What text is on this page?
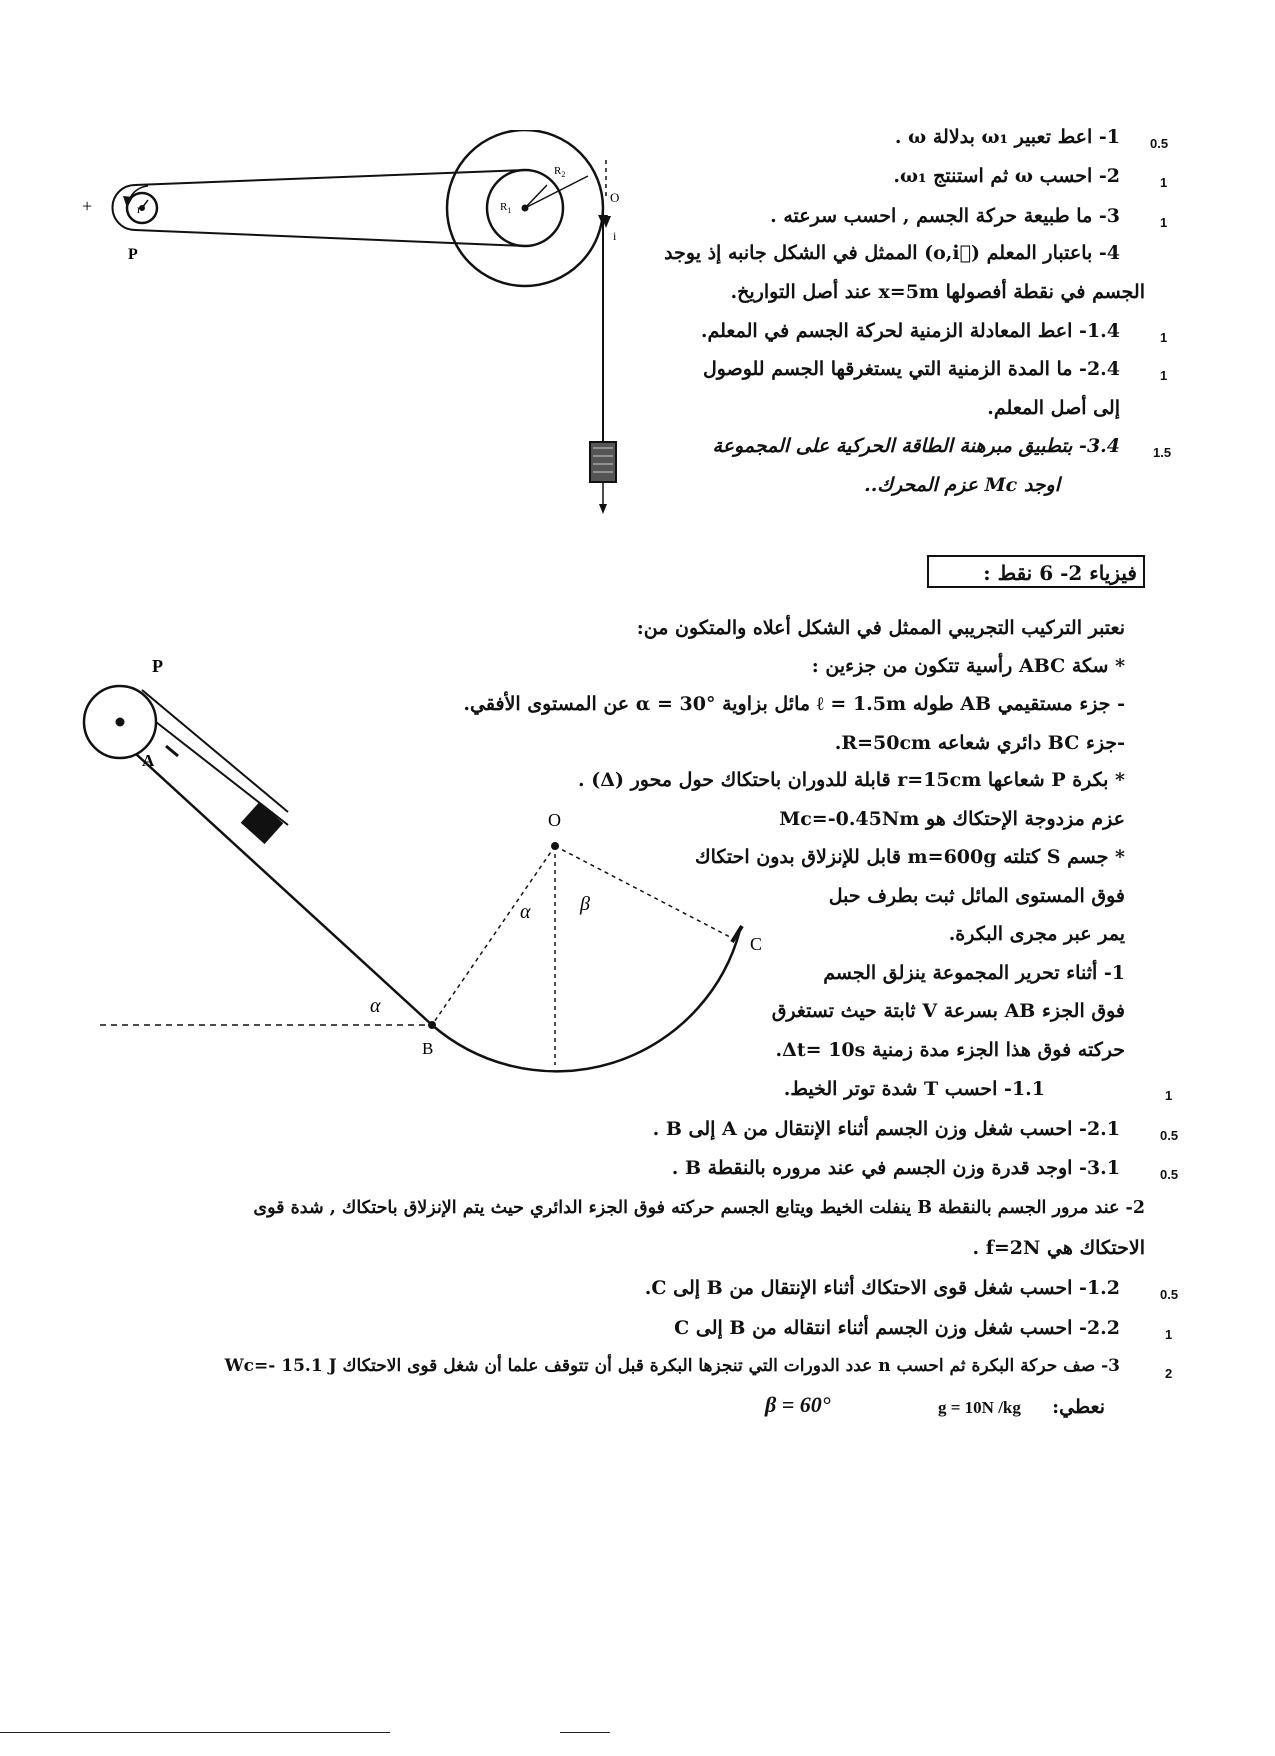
+
P
r	$R_1$
$R_2$
O
i
0.5
1- اعط تعبير ω₁ بدلالة ω .
1
2- احسب ω ثم استنتج ω₁.
1
3- ما طبيعة حركة الجسم , احسب سرعته .
4- باعتبار المعلم (o,i⃗) الممثل في الشكل جانبه إذ يوجد
الجسم في نقطة أفصولها x=5m عند أصل التواريخ.
1
1.4- اعط المعادلة الزمنية لحركة الجسم في المعلم.
1
2.4- ما المدة الزمنية التي يستغرقها الجسم للوصول
إلى أصل المعلم.
1.5
3.4- بتطبيق مبرهنة الطاقة الحركية على المجموعة
اوجد Mc عزم المحرك..
فيزياء 2- 6 نقط :
P
A
B
C
O
α
α β
نعتبر التركيب التجريبي الممثل في الشكل أعلاه والمتكون من:
* سكة ABC رأسية تتكون من جزءين :
- جزء مستقيمي AB طوله ℓ = 1.5m مائل بزاوية α = 30° عن المستوى الأفقي.
-جزء BC دائري شعاعه R=50cm.
* بكرة P شعاعها r=15cm قابلة للدوران باحتكاك حول محور (Δ) .
عزم مزدوجة الإحتكاك هو Mc=-0.45Nm
* جسم S كتلته m=600g قابل للإنزلاق بدون احتكاك
فوق المستوى المائل ثبت بطرف حبل
يمر عبر مجرى البكرة.
1- أثناء تحرير المجموعة ينزلق الجسم
فوق الجزء AB بسرعة V ثابتة حيث تستغرق
حركته فوق هذا الجزء مدة زمنية Δt= 10s.
1
1.1- احسب T شدة توتر الخيط.
0.5
2.1- احسب شغل وزن الجسم أثناء الإنتقال من A إلى B .
0.5
3.1- اوجد قدرة وزن الجسم في عند مروره بالنقطة B .
2- عند مرور الجسم بالنقطة B ينفلت الخيط ويتابع الجسم حركته فوق الجزء الدائري حيث يتم الإنزلاق باحتكاك , شدة قوى
الاحتكاك هي f=2N .
0.5
1.2- احسب شغل قوى الاحتكاك أثناء الإنتقال من B إلى C.
1
2.2- احسب شغل وزن الجسم أثناء انتقاله من B إلى C
2
3- صف حركة البكرة ثم احسب n عدد الدورات التي تنجزها البكرة قبل أن تتوقف علما أن شغل قوى الاحتكاك Wc=- 15.1 J
نعطي:
g = 10N /kg
β = 60°
